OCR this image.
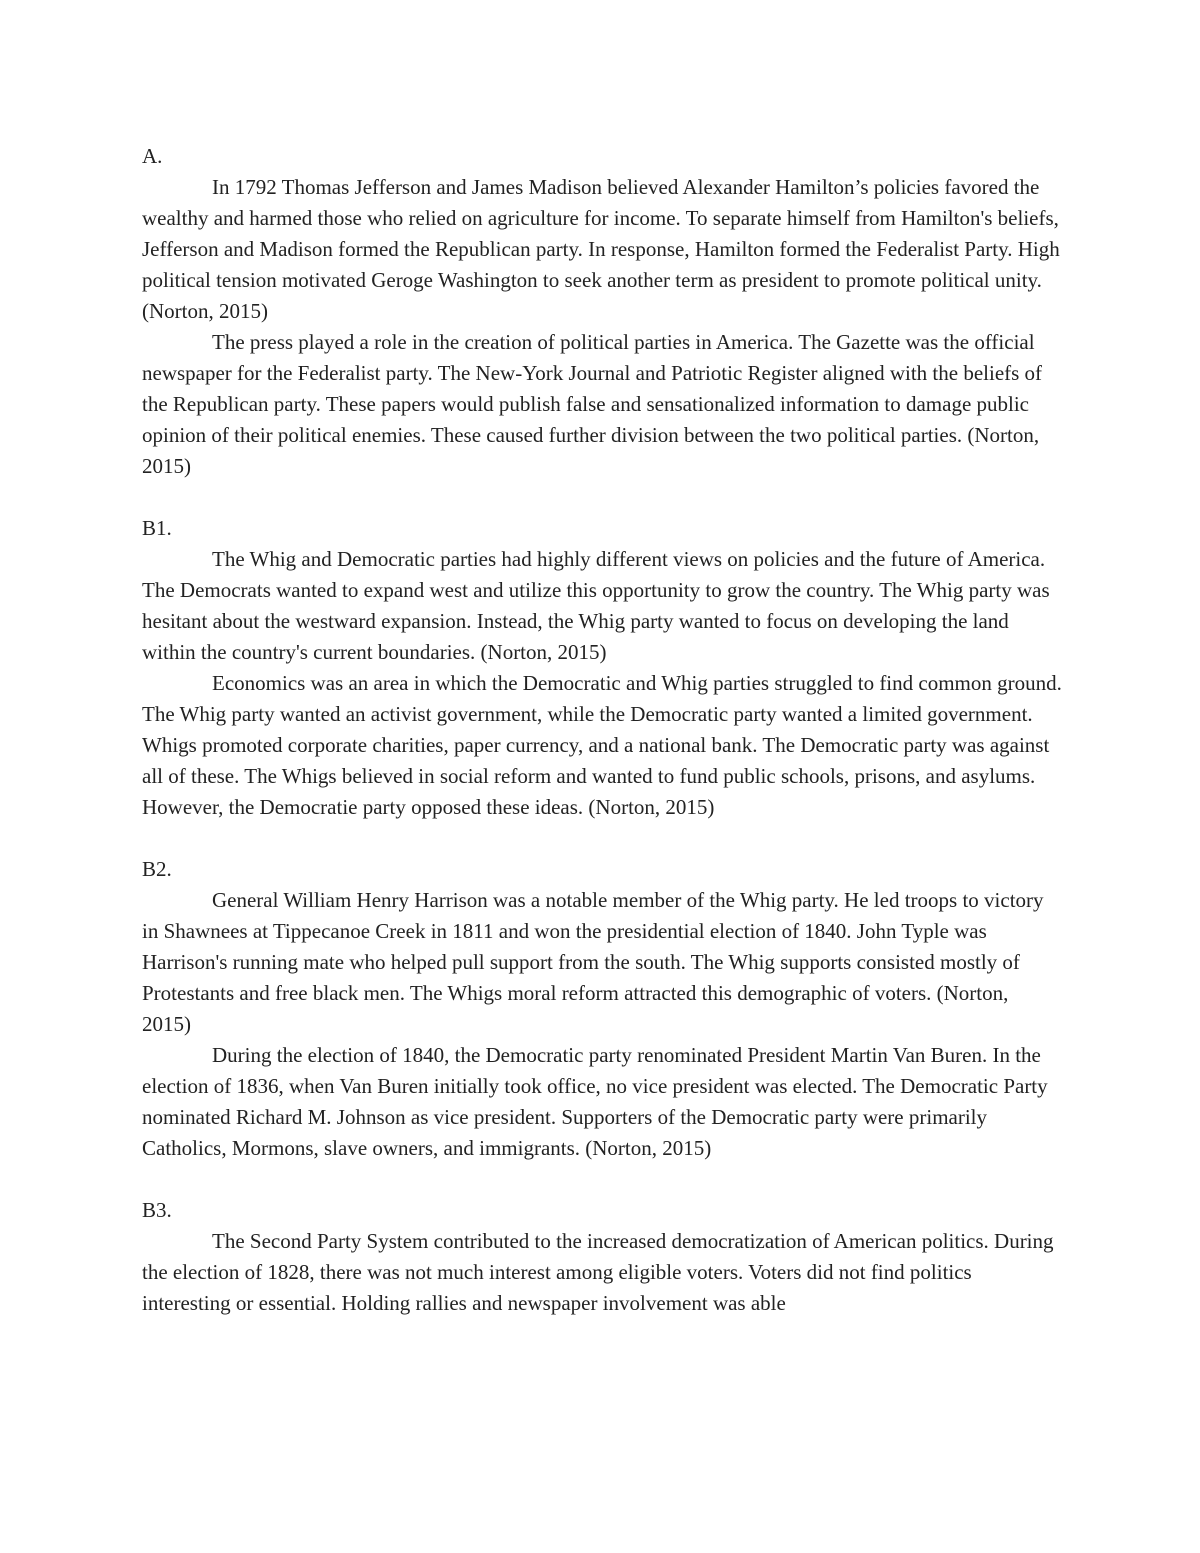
A.

In 1792 Thomas Jefferson and James Madison believed Alexander Hamilton’s policies favored the wealthy and harmed those who relied on agriculture for income. To separate himself from Hamilton's beliefs, Jefferson and Madison formed the Republican party. In response, Hamilton formed the Federalist Party. High political tension motivated Geroge Washington to seek another term as president to promote political unity. (Norton, 2015)

The press played a role in the creation of political parties in America. The Gazette was the official newspaper for the Federalist party. The New-York Journal and Patriotic Register aligned with the beliefs of the Republican party. These papers would publish false and sensationalized information to damage public opinion of their political enemies. These caused further division between the two political parties. (Norton, 2015)

B1.

The Whig and Democratic parties had highly different views on policies and the future of America. The Democrats wanted to expand west and utilize this opportunity to grow the country. The Whig party was hesitant about the westward expansion. Instead, the Whig party wanted to focus on developing the land within the country's current boundaries. (Norton, 2015)

Economics was an area in which the Democratic and Whig parties struggled to find common ground. The Whig party wanted an activist government, while the Democratic party wanted a limited government. Whigs promoted corporate charities, paper currency, and a national bank. The Democratic party was against all of these. The Whigs believed in social reform and wanted to fund public schools, prisons, and asylums. However, the Democratie party opposed these ideas. (Norton, 2015)

B2.

General William Henry Harrison was a notable member of the Whig party. He led troops to victory in Shawnees at Tippecanoe Creek in 1811 and won the presidential election of 1840. John Typle was Harrison's running mate who helped pull support from the south. The Whig supports consisted mostly of Protestants and free black men. The Whigs moral reform attracted this demographic of voters. (Norton, 2015)

During the election of 1840, the Democratic party renominated President Martin Van Buren. In the election of 1836, when Van Buren initially took office, no vice president was elected. The Democratic Party nominated Richard M. Johnson as vice president. Supporters of the Democratic party were primarily Catholics, Mormons, slave owners, and immigrants. (Norton, 2015)

B3.

The Second Party System contributed to the increased democratization of American politics. During the election of 1828, there was not much interest among eligible voters. Voters did not find politics interesting or essential. Holding rallies and newspaper involvement was able
